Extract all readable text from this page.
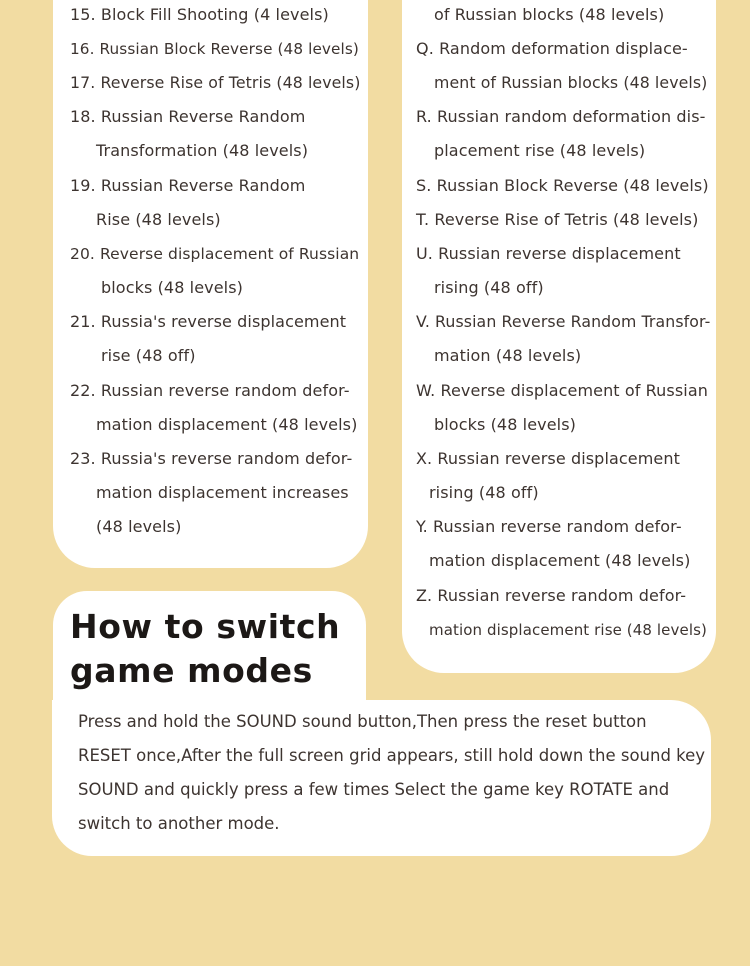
15. Block Fill Shooting (4 levels)
16. Russian Block Reverse (48 levels)
17. Reverse Rise of Tetris (48 levels)
18. Russian Reverse Random
Transformation (48 levels)
19. Russian Reverse Random
Rise (48 levels)
20. Reverse displacement of Russian
blocks (48 levels)
21. Russia's reverse displacement
rise (48 off)
22. Russian reverse random defor-
mation displacement (48 levels)
23. Russia's reverse random defor-
mation displacement increases
(48 levels)
of Russian blocks (48 levels)
Q. Random deformation displace-
ment of Russian blocks (48 levels)
R. Russian random deformation dis-
placement rise (48 levels)
S. Russian Block Reverse (48 levels)
T. Reverse Rise of Tetris (48 levels)
U. Russian reverse displacement
rising (48 off)
V. Russian Reverse Random Transfor-
mation (48 levels)
W. Reverse displacement of Russian
blocks (48 levels)
X. Russian reverse displacement
rising (48 off)
Y. Russian reverse random defor-
mation displacement (48 levels)
Z. Russian reverse random defor-
mation displacement rise (48 levels)
How to switch
game modes
Press and hold the SOUND sound button,Then press the reset button
RESET once,After the full screen grid appears, still hold down the sound key
SOUND and quickly press a few times Select the game key ROTATE and
switch to another mode.
